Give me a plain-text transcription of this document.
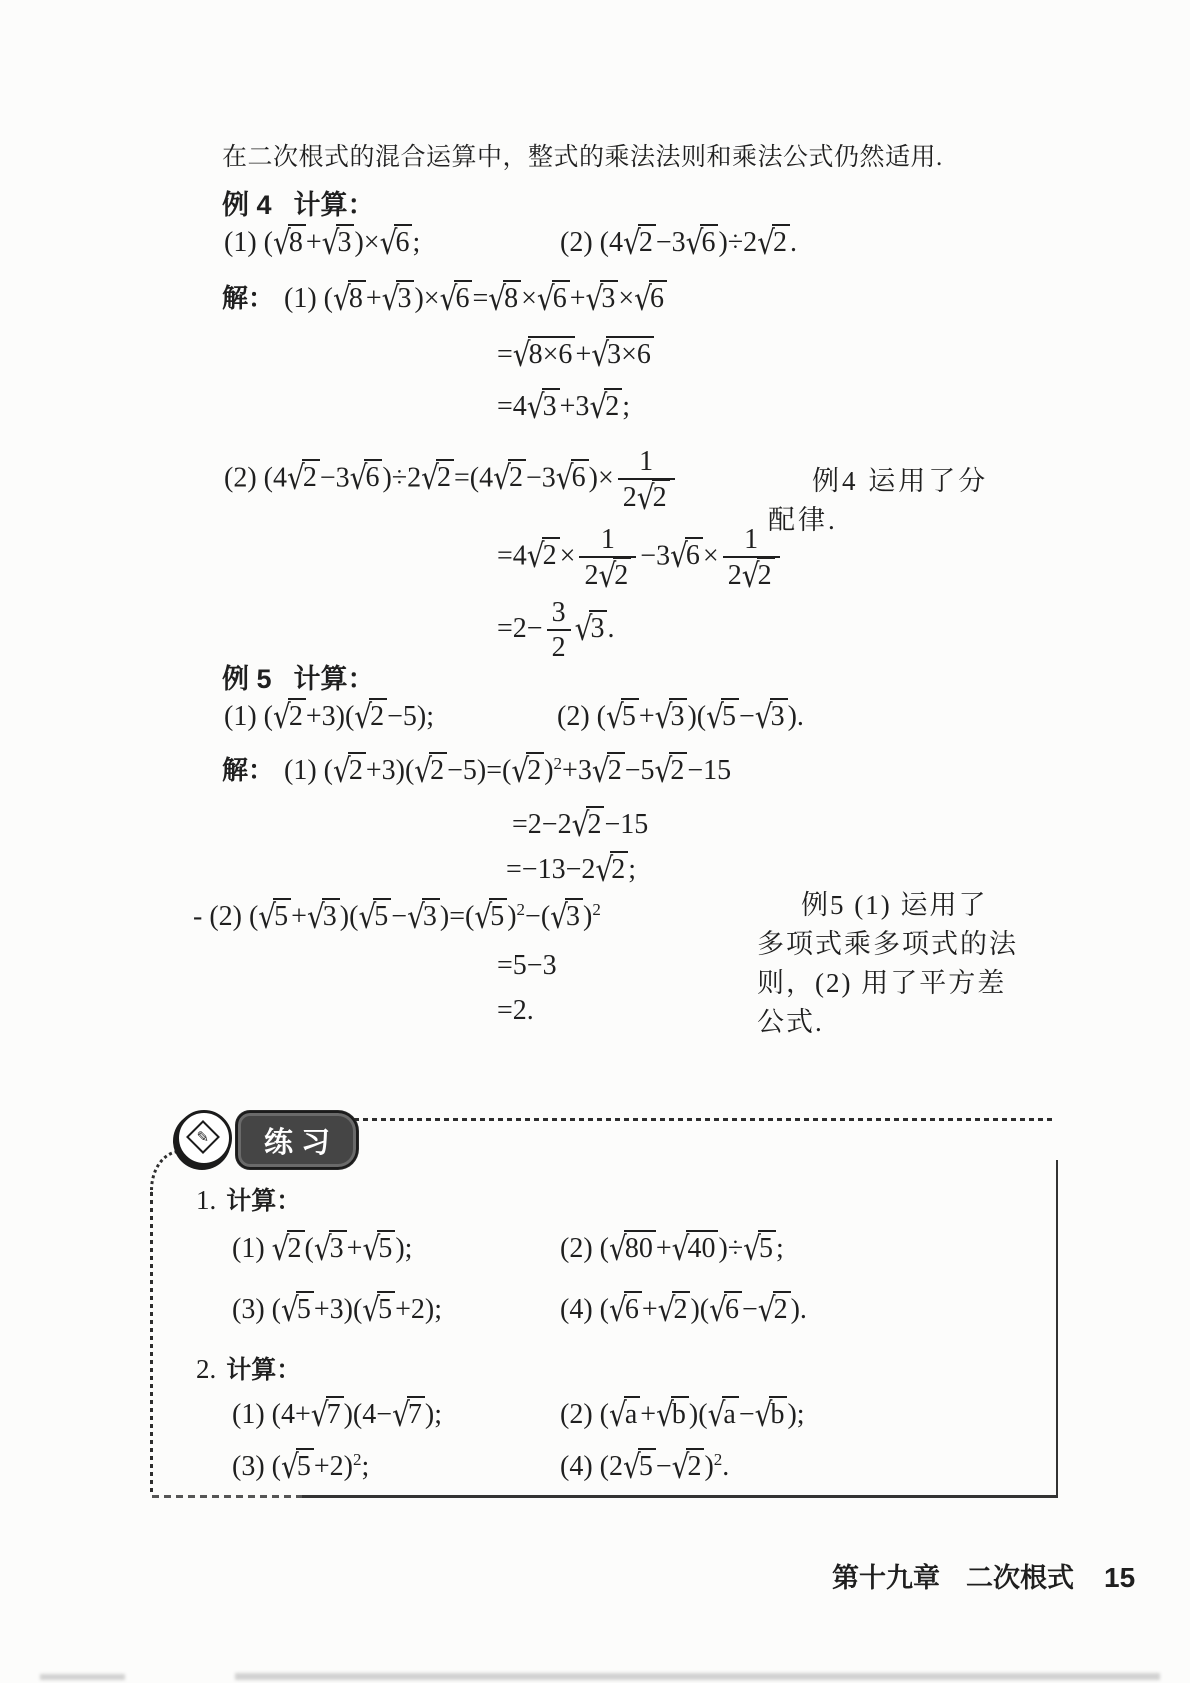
在二次根式的混合运算中，整式的乘法法则和乘法公式仍然适用.
例 4 计算：
(1) (√8 +√3 )×√6 ;	(2) (4√2 −3√6 )÷2√2 .
解： (1) (√8 +√3 )×√6 =√8 ×√6 +√3 ×√6
=√8×6 +√3×6
=4√3 +3√2 ;
(2) (4√2 −3√6 )÷2√2 =(4√2 −3√6 )× $\frac{1}{2√2}$
$=4√2 \times \frac{1}{2√2} -3√6 \times \frac{1}{2√2}$
$=2- \frac{3}{2} √3$ .
例4 运用了分
配律.
例 5 计算：
(1) (√2 +3)(√2 −5);	(2) (√5 +√3 )(√5 −√3 ).
解： (1) (√2 +3)(√2 −5)=(√2 )$^2$+3√2 −5√2 −15
=2−2√2 −15
=−13−2√2 ;
- (2) (√5 +√3 )(√5 −√3 )=(√5 )$^2$−(√3 )$^2$
=5−3
=2.
例5 (1) 运用了
多项式乘多项式的法
则，(2) 用了平方差
公式.
✎ 练习
1. 计算：
(1) √2 (√3 +√5 );	(2) (√80 +√40 )÷√5 ;
(3) (√5 +3)(√5 +2);	(4) (√6 +√2 )(√6 −√2 ).
2. 计算：
(1) (4+√7 )(4−√7 );	(2) (√a +√b )(√a −√b );
(3) $(√5 +2)^2$;	(4) (2√5 −√2 )$^2$.
第十九章 二次根式 15
